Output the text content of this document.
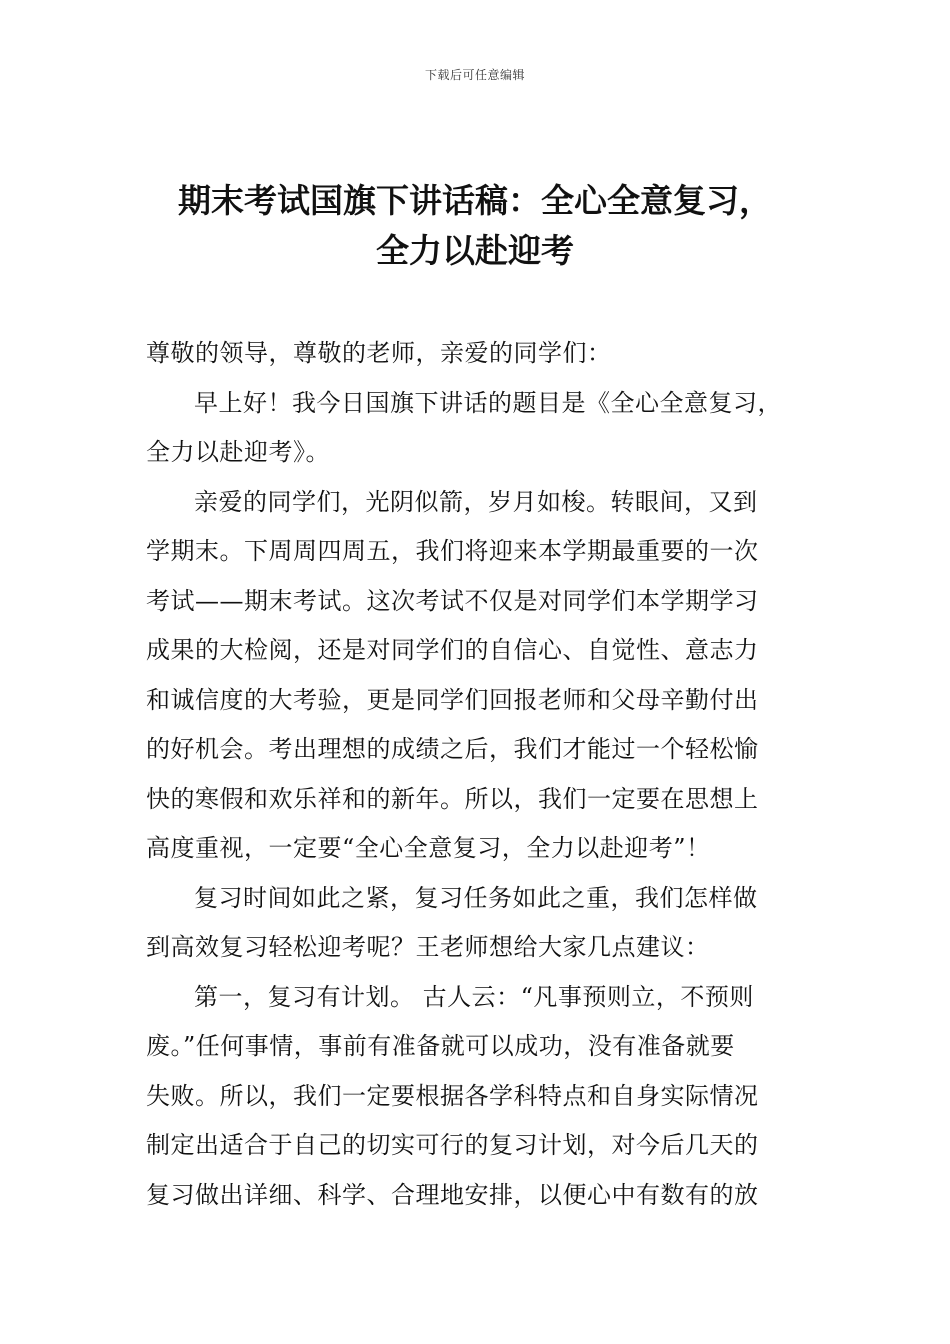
下载后可任意编辑
期末考试国旗下讲话稿：全心全意复习，
全力以赴迎考
尊敬的领导，尊敬的老师，亲爱的同学们：
早上好！我今日国旗下讲话的题目是《全心全意复习，
全力以赴迎考》。
亲爱的同学们，光阴似箭，岁月如梭。转眼间，又到
学期末。下周周四周五，我们将迎来本学期最重要的一次
考试——期末考试。这次考试不仅是对同学们本学期学习
成果的大检阅，还是对同学们的自信心、自觉性、意志力
和诚信度的大考验，更是同学们回报老师和父母辛勤付出
的好机会。考出理想的成绩之后，我们才能过一个轻松愉
快的寒假和欢乐祥和的新年。所以，我们一定要在思想上
高度重视，一定要“全心全意复习，全力以赴迎考”！
复习时间如此之紧，复习任务如此之重，我们怎样做
到高效复习轻松迎考呢？王老师想给大家几点建议：
第一，复习有计划。 古人云：“凡事预则立，不预则
废。”任何事情，事前有准备就可以成功，没有准备就要
失败。所以，我们一定要根据各学科特点和自身实际情况
制定出适合于自己的切实可行的复习计划，对今后几天的
复习做出详细、科学、合理地安排，以便心中有数有的放
